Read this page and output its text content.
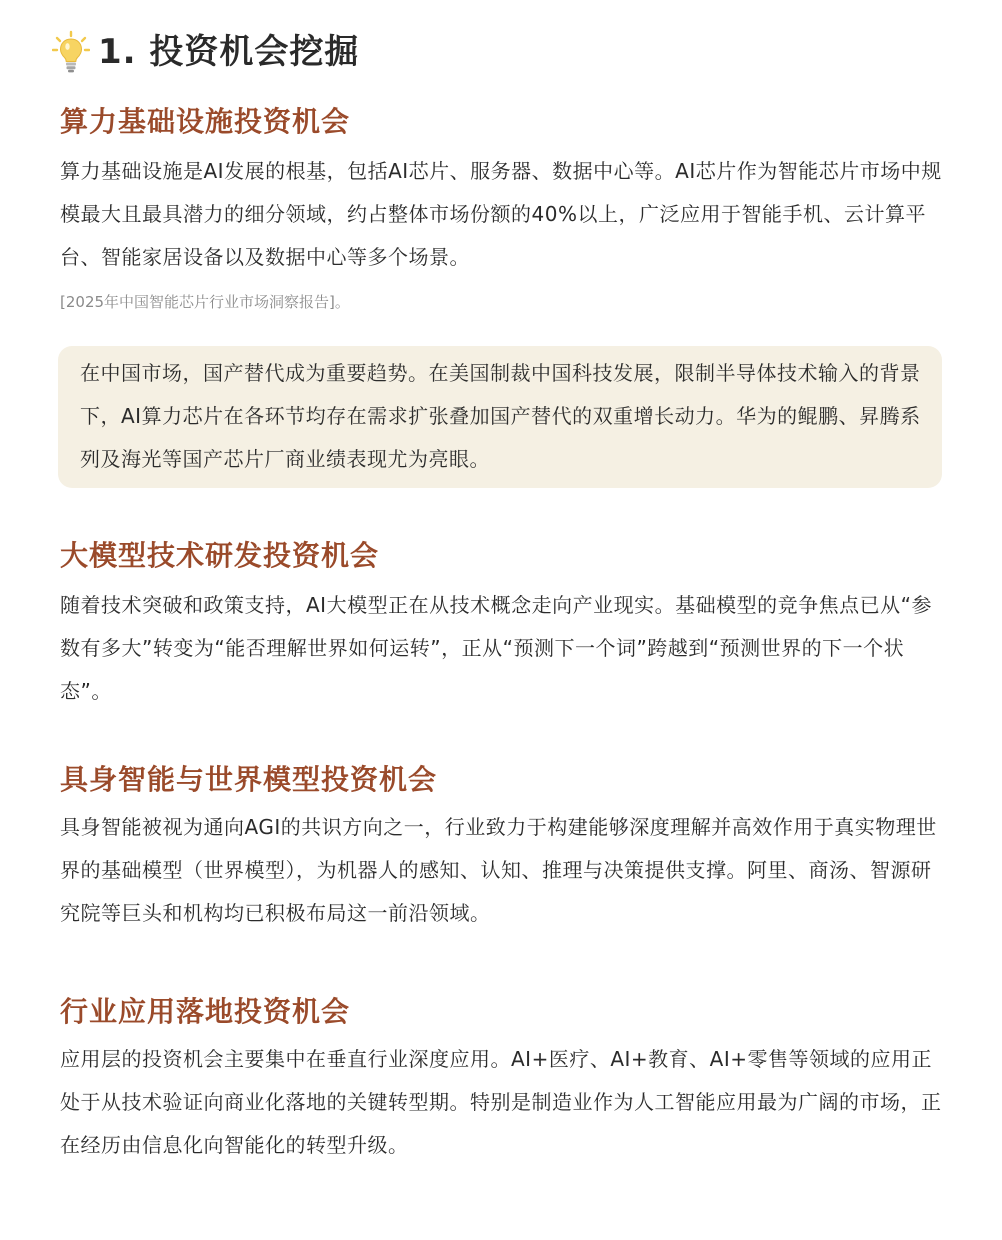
1. 投资机会挖掘
算力基础设施投资机会
算力基础设施是AI发展的根基，包括AI芯片、服务器、数据中心等。AI芯片作为智能芯片市场中规模最大且最具潜力的细分领域，约占整体市场份额的40%以上，广泛应用于智能手机、云计算平台、智能家居设备以及数据中心等多个场景。
[2025年中国智能芯片行业市场洞察报告]。
在中国市场，国产替代成为重要趋势。在美国制裁中国科技发展，限制半导体技术输入的背景下，AI算力芯片在各环节均存在需求扩张叠加国产替代的双重增长动力。华为的鲲鹏、昇腾系列及海光等国产芯片厂商业绩表现尤为亮眼。
大模型技术研发投资机会
随着技术突破和政策支持，AI大模型正在从技术概念走向产业现实。基础模型的竞争焦点已从“参数有多大”转变为“能否理解世界如何运转”，正从“预测下一个词”跨越到“预测世界的下一个状态”。
具身智能与世界模型投资机会
具身智能被视为通向AGI的共识方向之一，行业致力于构建能够深度理解并高效作用于真实物理世界的基础模型（世界模型），为机器人的感知、认知、推理与决策提供支撑。阿里、商汤、智源研究院等巨头和机构均已积极布局这一前沿领域。
行业应用落地投资机会
应用层的投资机会主要集中在垂直行业深度应用。AI+医疗、AI+教育、AI+零售等领域的应用正处于从技术验证向商业化落地的关键转型期。特别是制造业作为人工智能应用最为广阔的市场，正在经历由信息化向智能化的转型升级。
